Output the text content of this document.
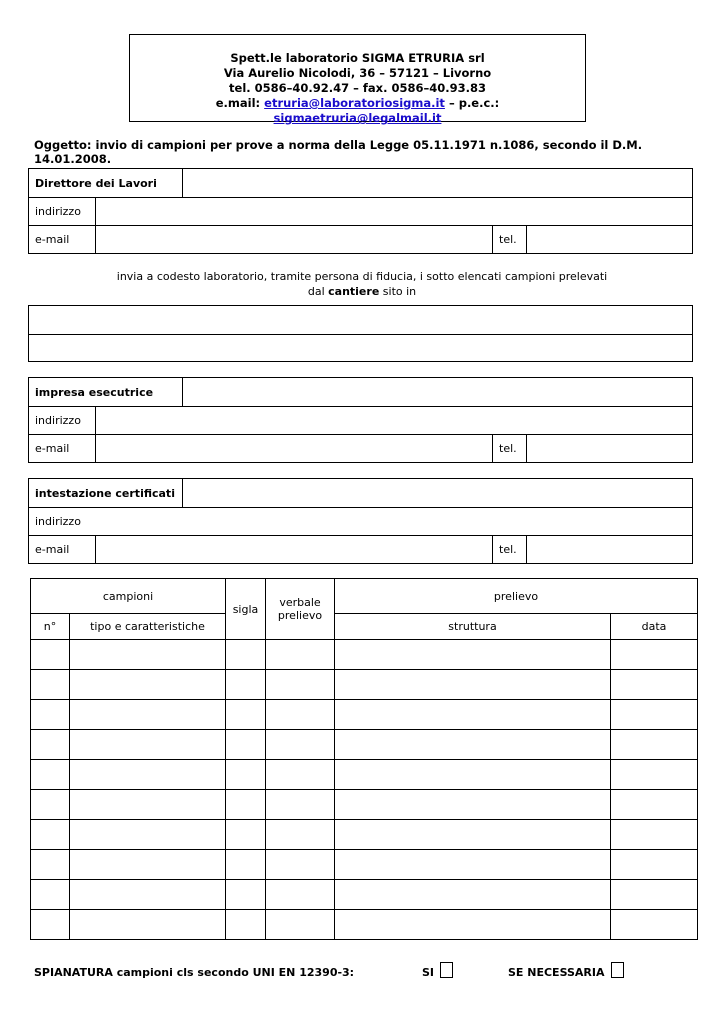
Spett.le laboratorio SIGMA ETRURIA srl
Via Aurelio Nicolodi, 36 – 57121 – Livorno
tel. 0586–40.92.47 – fax. 0586–40.93.83
e.mail: etruria@laboratoriosigma.it – p.e.c.: sigmaetruria@legalmail.it
Oggetto: invio di campioni per prove a norma della Legge 05.11.1971 n.1086, secondo il D.M. 14.01.2008.
Direttore dei Lavori
indirizzo
e-mail	tel.
invia a codesto laboratorio, tramite persona di fiducia, i sotto elencati campioni prelevati
dal cantiere sito in
impresa esecutrice
indirizzo
e-mail	tel.
intestazione certificati
indirizzo
e-mail	tel.
campioni		sigla	verbale prelievo	prelievo	
n°	tipo e caratteristiche			struttura	data

SPIANATURA campioni cls secondo UNI EN 12390-3:	SI	SE NECESSARIA
